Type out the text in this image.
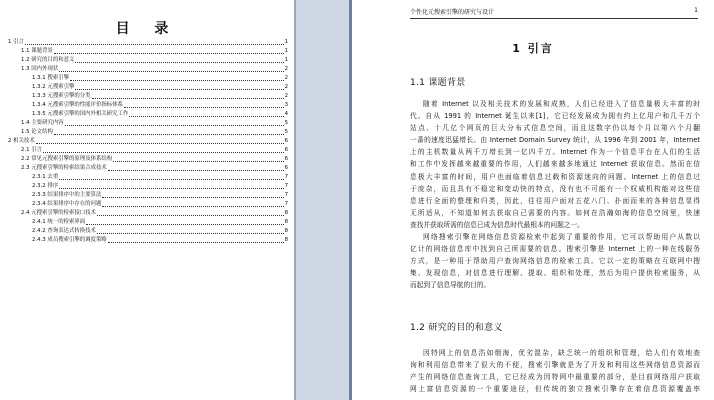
目 录
1 引言	1
1.1 课题背景	1
1.2 研究的目的和意义	1
1.3 国内外现状	2
1.3.1 搜索引擎	2
1.3.2 元搜索引擎	2
1.3.3 元搜索引擎的分类	2
1.3.4 元搜索引擎的性能评价指标体系	3
1.3.5 元搜索引擎的国内外相关研究工作	4
1.4 主要研究内容	5
1.5 论文结构	5
2 相关技术	6
2.1 引言	6
2.2 常见元搜索引擎的原理及体系结构	6
2.3 元搜索引擎的检索结果合成技术	6
2.3.1 去重	7
2.3.2 排序	7
2.3.3 结果排序中的主要算法	7
2.3.4 结果排序中存在的问题	7
2.4 元搜索引擎的检索接口技术	8
2.4.1 统一的检索界面	8
2.4.2 查询表达式转换技术	8
2.4.3 成员搜索引擎的调度策略	8
个性化元搜索引擎的研究与设计	1
1 引言
1.1 课题背景
随着 Internet 以及相关技术的发展和成熟，人们已经进入了信息量极大丰富的时
代。自从 1991 的 Internet 诞生以来[1]，它已经发展成为拥有约上亿用户和几千万个
站点、十几亿个网页的巨大分布式信息空间，而且这数字仍以每个月以第六个月翻
一番的速度迅猛增长。由 Internet Domain Survey 统计，从 1996 年到 2001 年，Internet
上的主机数量从两千万增长到一亿四千万。Internet 作为一个信息平台在人们的生活
和工作中发挥越来越重要的作用，人们越来越多地通过 Internet 获取信息。然而在信
息极大丰富的时间，用户也面临着信息过载和资源迷向的问题。Internet 上的信息过
于庞杂，而且具有不稳定和变动快的特点，没有也不可能有一个权威机构能对这些信
息进行全面的整理和归类，因此，往往用户面对五花八门、扑面而来的各种信息显得
无所适从，不知道如何去获取自己需要的内容。如何在浩瀚如海的信息空间里，快速
查找并获取所需的信息已成为信息时代最根本的问题之一。
网络搜索引擎在网络信息资源检索中起到了重要的作用，它可以帮助用户从数以
亿计的网络信息库中找到自己所需要的信息。搜索引擎是 Internet 上的一种在线服务
方式，是一种用于帮助用户查询网络信息的检索工具。它以一定的策略在互联网中搜
集、发现信息，对信息进行理解、提取、组织和处理，然后为用户提供检索服务，从
而起到了信息导航的目的。
1.2 研究的目的和意义
因特网上的信息浩如烟海，优劣混杂，缺乏统一的组织和管理，给人们有效地查
询和利用信息带来了很大的不便，搜索引擎就是为了开发和利用这些网络信息资源而
产生的网络信息查询工具，它已经成为因特网中最重要的部分，是目前网络用户获取
网上富信息资源的一个重要途径，但传统的独立搜索引擎存在着信息资源覆盖率
